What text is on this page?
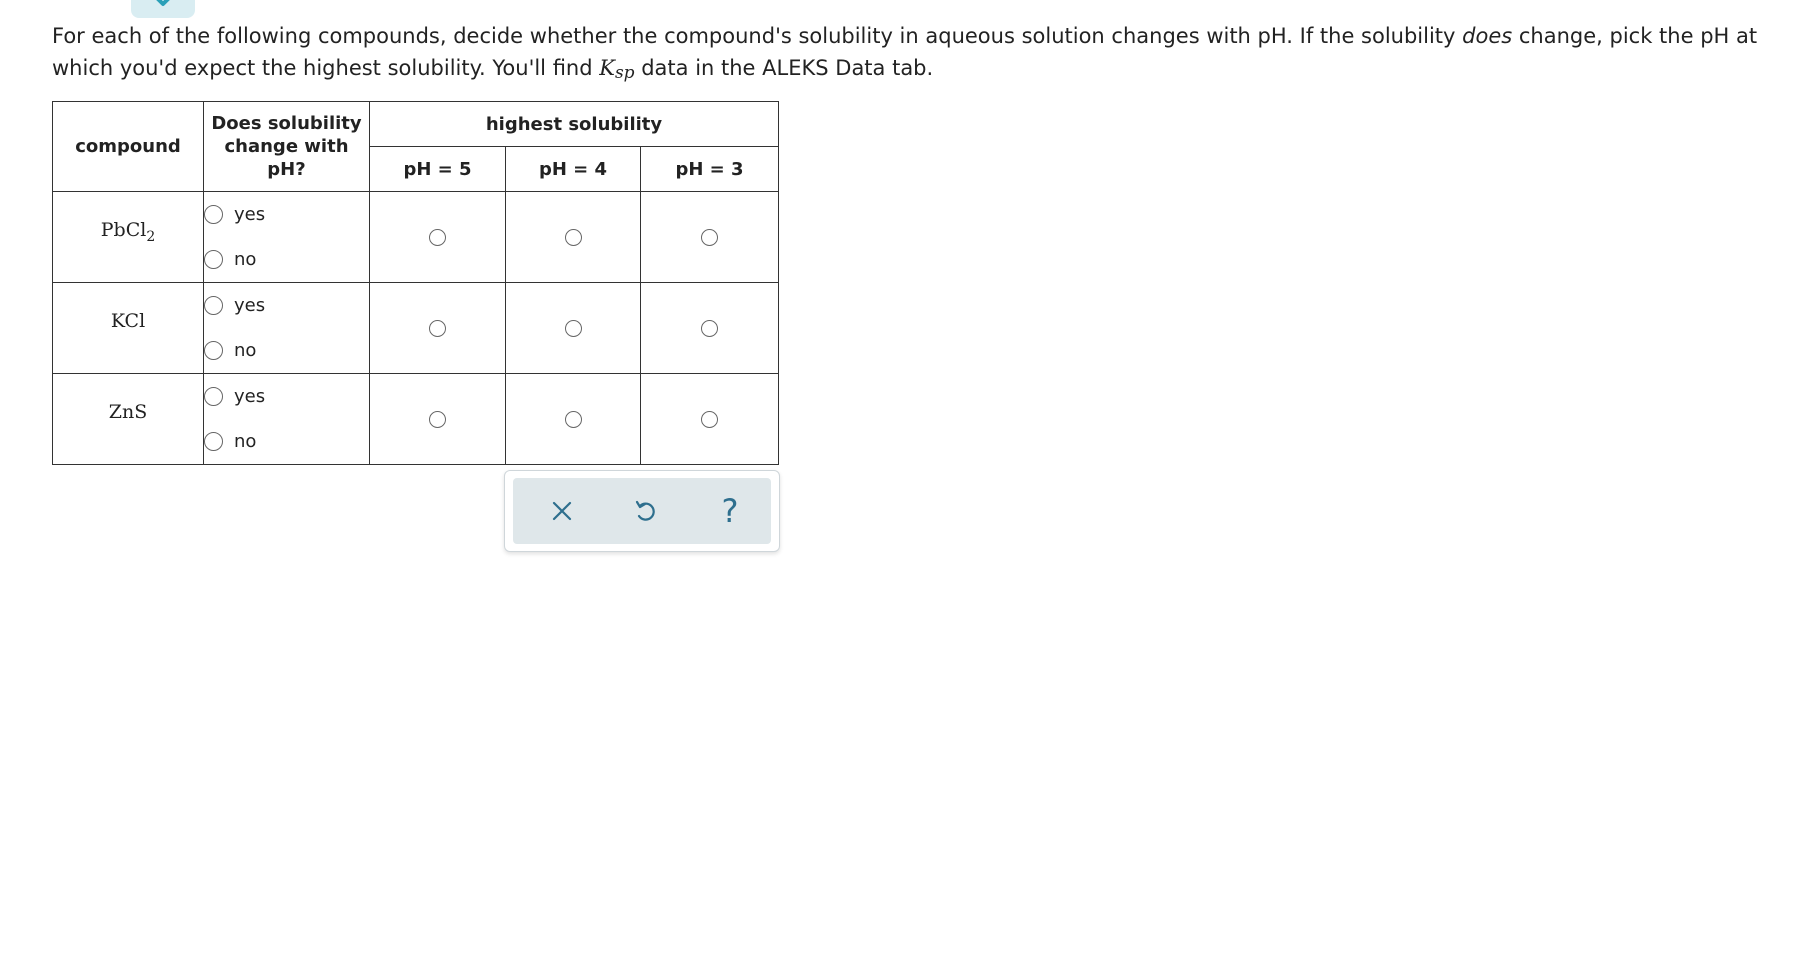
For each of the following compounds, decide whether the compound's solubility in aqueous solution changes with pH. If the solubility does change, pick the pH at which you'd expect the highest solubility. You'll find $K_{sp}$ data in the ALEKS Data tab.
compound	Does solubility change with pH?	highest solubility		
		pH = 5	pH = 4	pH = 3
PbCl$_2$	yes
no			

KCl	yes
no			

ZnS	yes
no			

?
